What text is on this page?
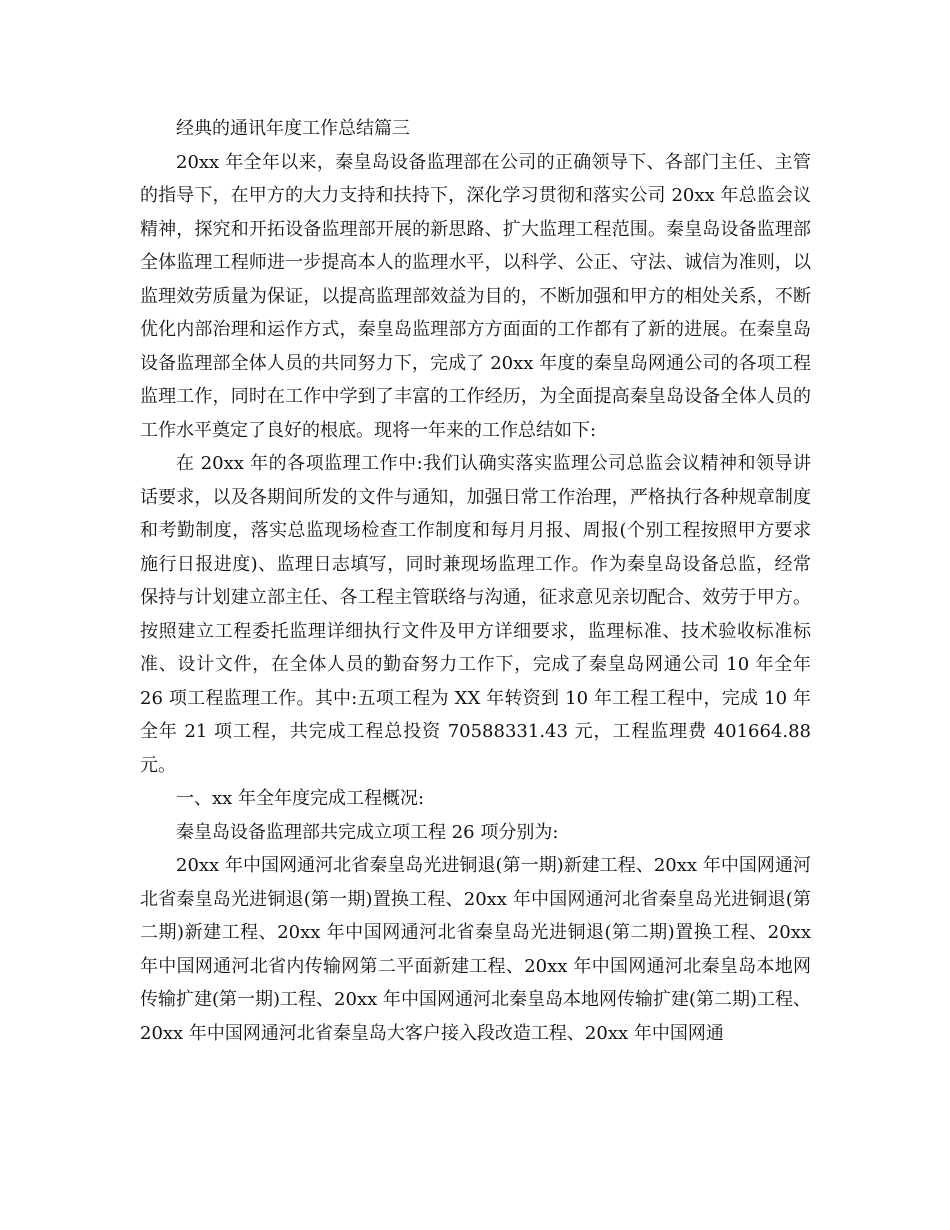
经典的通讯年度工作总结篇三

20xx 年全年以来，秦皇岛设备监理部在公司的正确领导下、各部门主任、主管的指导下，在甲方的大力支持和扶持下，深化学习贯彻和落实公司 20xx 年总监会议精神，探究和开拓设备监理部开展的新思路、扩大监理工程范围。秦皇岛设备监理部全体监理工程师进一步提高本人的监理水平，以科学、公正、守法、诚信为准则，以监理效劳质量为保证，以提高监理部效益为目的，不断加强和甲方的相处关系，不断优化内部治理和运作方式，秦皇岛监理部方方面面的工作都有了新的进展。在秦皇岛设备监理部全体人员的共同努力下，完成了 20xx 年度的秦皇岛网通公司的各项工程监理工作，同时在工作中学到了丰富的工作经历，为全面提高秦皇岛设备全体人员的工作水平奠定了良好的根底。现将一年来的工作总结如下:

在 20xx 年的各项监理工作中:我们认确实落实监理公司总监会议精神和领导讲话要求，以及各期间所发的文件与通知，加强日常工作治理，严格执行各种规章制度和考勤制度，落实总监现场检查工作制度和每月月报、周报(个别工程按照甲方要求施行日报进度)、监理日志填写，同时兼现场监理工作。作为秦皇岛设备总监，经常保持与计划建立部主任、各工程主管联络与沟通，征求意见亲切配合、效劳于甲方。按照建立工程委托监理详细执行文件及甲方详细要求，监理标准、技术验收标准标准、设计文件，在全体人员的勤奋努力工作下，完成了秦皇岛网通公司 10 年全年 26 项工程监理工作。其中:五项工程为 XX 年转资到 10 年工程工程中，完成 10 年全年 21 项工程，共完成工程总投资 70588331.43 元，工程监理费 401664.88 元。

一、xx 年全年度完成工程概况:

秦皇岛设备监理部共完成立项工程 26 项分别为:

20xx 年中国网通河北省秦皇岛光进铜退(第一期)新建工程、20xx 年中国网通河北省秦皇岛光进铜退(第一期)置换工程、20xx 年中国网通河北省秦皇岛光进铜退(第二期)新建工程、20xx 年中国网通河北省秦皇岛光进铜退(第二期)置换工程、20xx 年中国网通河北省内传输网第二平面新建工程、20xx 年中国网通河北秦皇岛本地网传输扩建(第一期)工程、20xx 年中国网通河北秦皇岛本地网传输扩建(第二期)工程、20xx 年中国网通河北省秦皇岛大客户接入段改造工程、20xx 年中国网通
